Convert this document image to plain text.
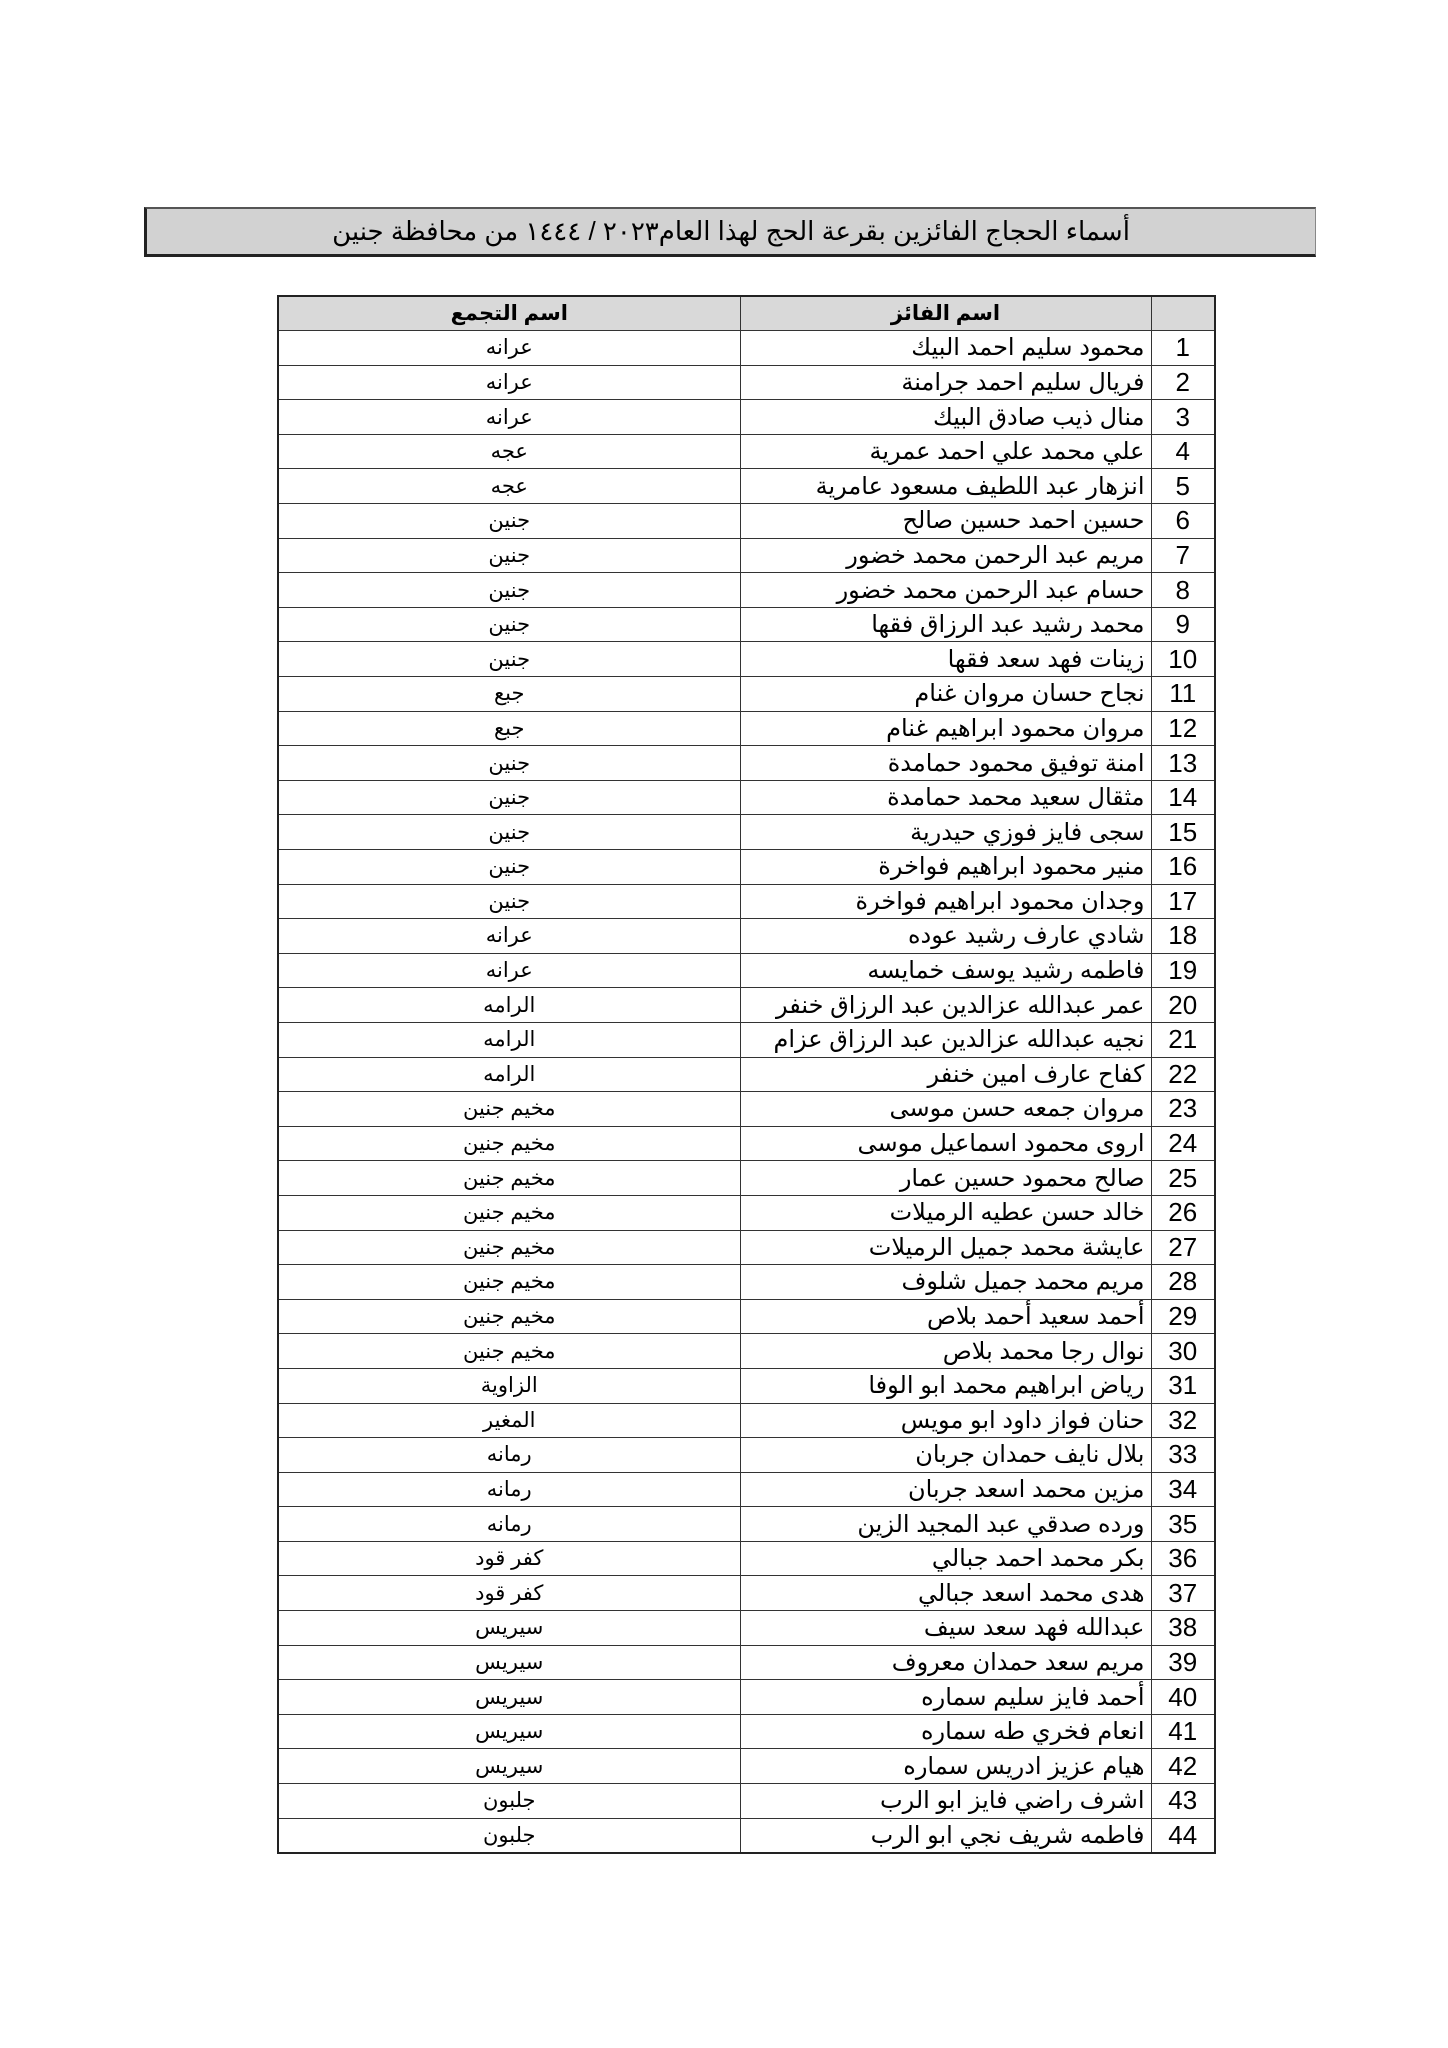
أسماء الحجاج الفائزين بقرعة الحج لهذا العام٢٠٢٣ / ١٤٤٤ من محافظة جنين
	اسم الفائز	اسم التجمع
1	محمود سليم احمد البيك	عرانه
2	فريال سليم احمد جرامنة	عرانه
3	منال ذيب صادق البيك	عرانه
4	علي محمد علي احمد عمرية	عجه
5	انزهار عبد اللطيف مسعود عامرية	عجه
6	حسين احمد حسين صالح	جنين
7	مريم عبد الرحمن محمد خضور	جنين
8	حسام عبد الرحمن محمد خضور	جنين
9	محمد رشيد عبد الرزاق فقها	جنين
10	زينات فهد سعد فقها	جنين
11	نجاح حسان مروان غنام	جبع
12	مروان محمود ابراهيم غنام	جبع
13	امنة توفيق محمود حمامدة	جنين
14	مثقال سعيد محمد حمامدة	جنين
15	سجى فايز فوزي حيدرية	جنين
16	منير محمود ابراهيم فواخرة	جنين
17	وجدان محمود ابراهيم فواخرة	جنين
18	شادي عارف رشيد عوده	عرانه
19	فاطمه رشيد يوسف خمايسه	عرانه
20	عمر عبدالله عزالدين عبد الرزاق خنفر	الرامه
21	نجيه عبدالله عزالدين عبد الرزاق عزام	الرامه
22	كفاح عارف امين خنفر	الرامه
23	مروان جمعه حسن موسى	مخيم جنين
24	اروى محمود اسماعيل موسى	مخيم جنين
25	صالح محمود حسين عمار	مخيم جنين
26	خالد حسن عطيه الرميلات	مخيم جنين
27	عايشة محمد جميل الرميلات	مخيم جنين
28	مريم محمد جميل شلوف	مخيم جنين
29	أحمد سعيد أحمد بلاص	مخيم جنين
30	نوال رجا محمد بلاص	مخيم جنين
31	رياض ابراهيم محمد ابو الوفا	الزاوية
32	حنان فواز داود ابو مويس	المغير
33	بلال نايف حمدان جربان	رمانه
34	مزين محمد اسعد جربان	رمانه
35	ورده صدقي عبد المجيد الزين	رمانه
36	بكر محمد احمد جبالي	كفر قود
37	هدى محمد اسعد جبالي	كفر قود
38	عبدالله فهد سعد سيف	سيريس
39	مريم سعد حمدان معروف	سيريس
40	أحمد فايز سليم سماره	سيريس
41	انعام فخري طه سماره	سيريس
42	هيام عزيز ادريس سماره	سيريس
43	اشرف راضي فايز ابو الرب	جلبون
44	فاطمه شريف نجي ابو الرب	جلبون
